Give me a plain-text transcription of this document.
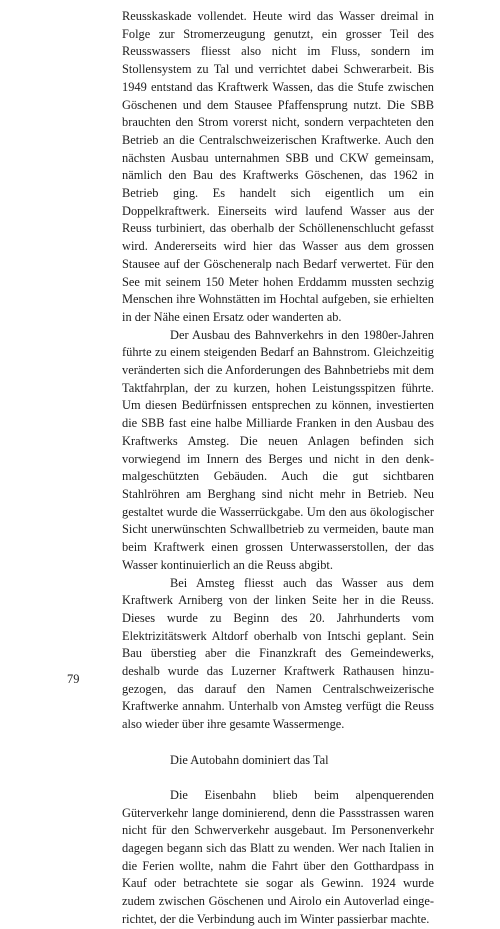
Reusskaskade vollendet. Heute wird das Wasser dreimal in Folge zur Stromerzeugung genutzt, ein grosser Teil des Reusswassers fliesst also nicht im Fluss, sondern im Stollensystem zu Tal und verrichtet dabei Schwerarbeit. Bis 1949 entstand das Kraftwerk Wassen, das die Stufe zwischen Göschenen und dem Stausee Pfaffensprung nutzt. Die SBB brauchten den Strom vorerst nicht, sondern verpachteten den Betrieb an die Centralschweizerischen Kraftwerke. Auch den nächsten Ausbau unternahmen SBB und CKW gemeinsam, nämlich den Bau des Kraftwerks Göschenen, das 1962 in Betrieb ging. Es handelt sich eigentlich um ein Doppelkraftwerk. Einerseits wird laufend Wasser aus der Reuss turbiniert, das oberhalb der Schöllenenschlucht gefasst wird. Andererseits wird hier das Wasser aus dem grossen Stausee auf der Göscheneralp nach Bedarf verwertet. Für den See mit seinem 150 Meter hohen Erddamm mussten sechzig Menschen ihre Wohnstätten im Hochtal aufgeben, sie erhielten in der Nähe einen Ersatz oder wanderten ab.

Der Ausbau des Bahnverkehrs in den 1980er-Jahren führte zu einem steigenden Bedarf an Bahnstrom. Gleichzeitig veränderten sich die Anforderungen des Bahnbetriebs mit dem Taktfahrplan, der zu kurzen, hohen Leistungsspitzen führte. Um diesen Bedürfnissen entsprechen zu können, investierten die SBB fast eine halbe Milliarde Franken in den Ausbau des Kraftwerks Amsteg. Die neuen Anlagen befinden sich vorwiegend im Innern des Berges und nicht in den denkmalgeschützten Gebäuden. Auch die gut sichtbaren Stahlröhren am Berghang sind nicht mehr in Betrieb. Neu gestaltet wurde die Wasserrückgabe. Um den aus ökologischer Sicht unerwünschten Schwallbetrieb zu vermeiden, baute man beim Kraftwerk einen grossen Unterwasserstollen, der das Wasser kontinuierlich an die Reuss abgibt.

Bei Amsteg fliesst auch das Wasser aus dem Kraftwerk Arniberg von der linken Seite her in die Reuss. Dieses wurde zu Beginn des 20. Jahrhunderts vom Elektrizitätswerk Altdorf oberhalb von Intschi geplant. Sein Bau überstieg aber die Finanzkraft des Gemeindewerks, deshalb wurde das Luzerner Kraftwerk Rathausen hinzugezogen, das darauf den Namen Centralschweizerische Kraftwerke annahm. Unterhalb von Amsteg verfügt die Reuss also wieder über ihre gesamte Wassermenge.

Die Autobahn dominiert das Tal

Die Eisenbahn blieb beim alpenquerenden Güterverkehr lange dominierend, denn die Passstrassen waren nicht für den Schwerverkehr ausgebaut. Im Personenverkehr dagegen begann sich das Blatt zu wenden. Wer nach Italien in die Ferien wollte, nahm die Fahrt über den Gotthardpass in Kauf oder betrachtete sie sogar als Gewinn. 1924 wurde zudem zwischen Göschenen und Airolo ein Autoverlad eingerichtet, der die Verbindung auch im Winter passierbar machte.

79
